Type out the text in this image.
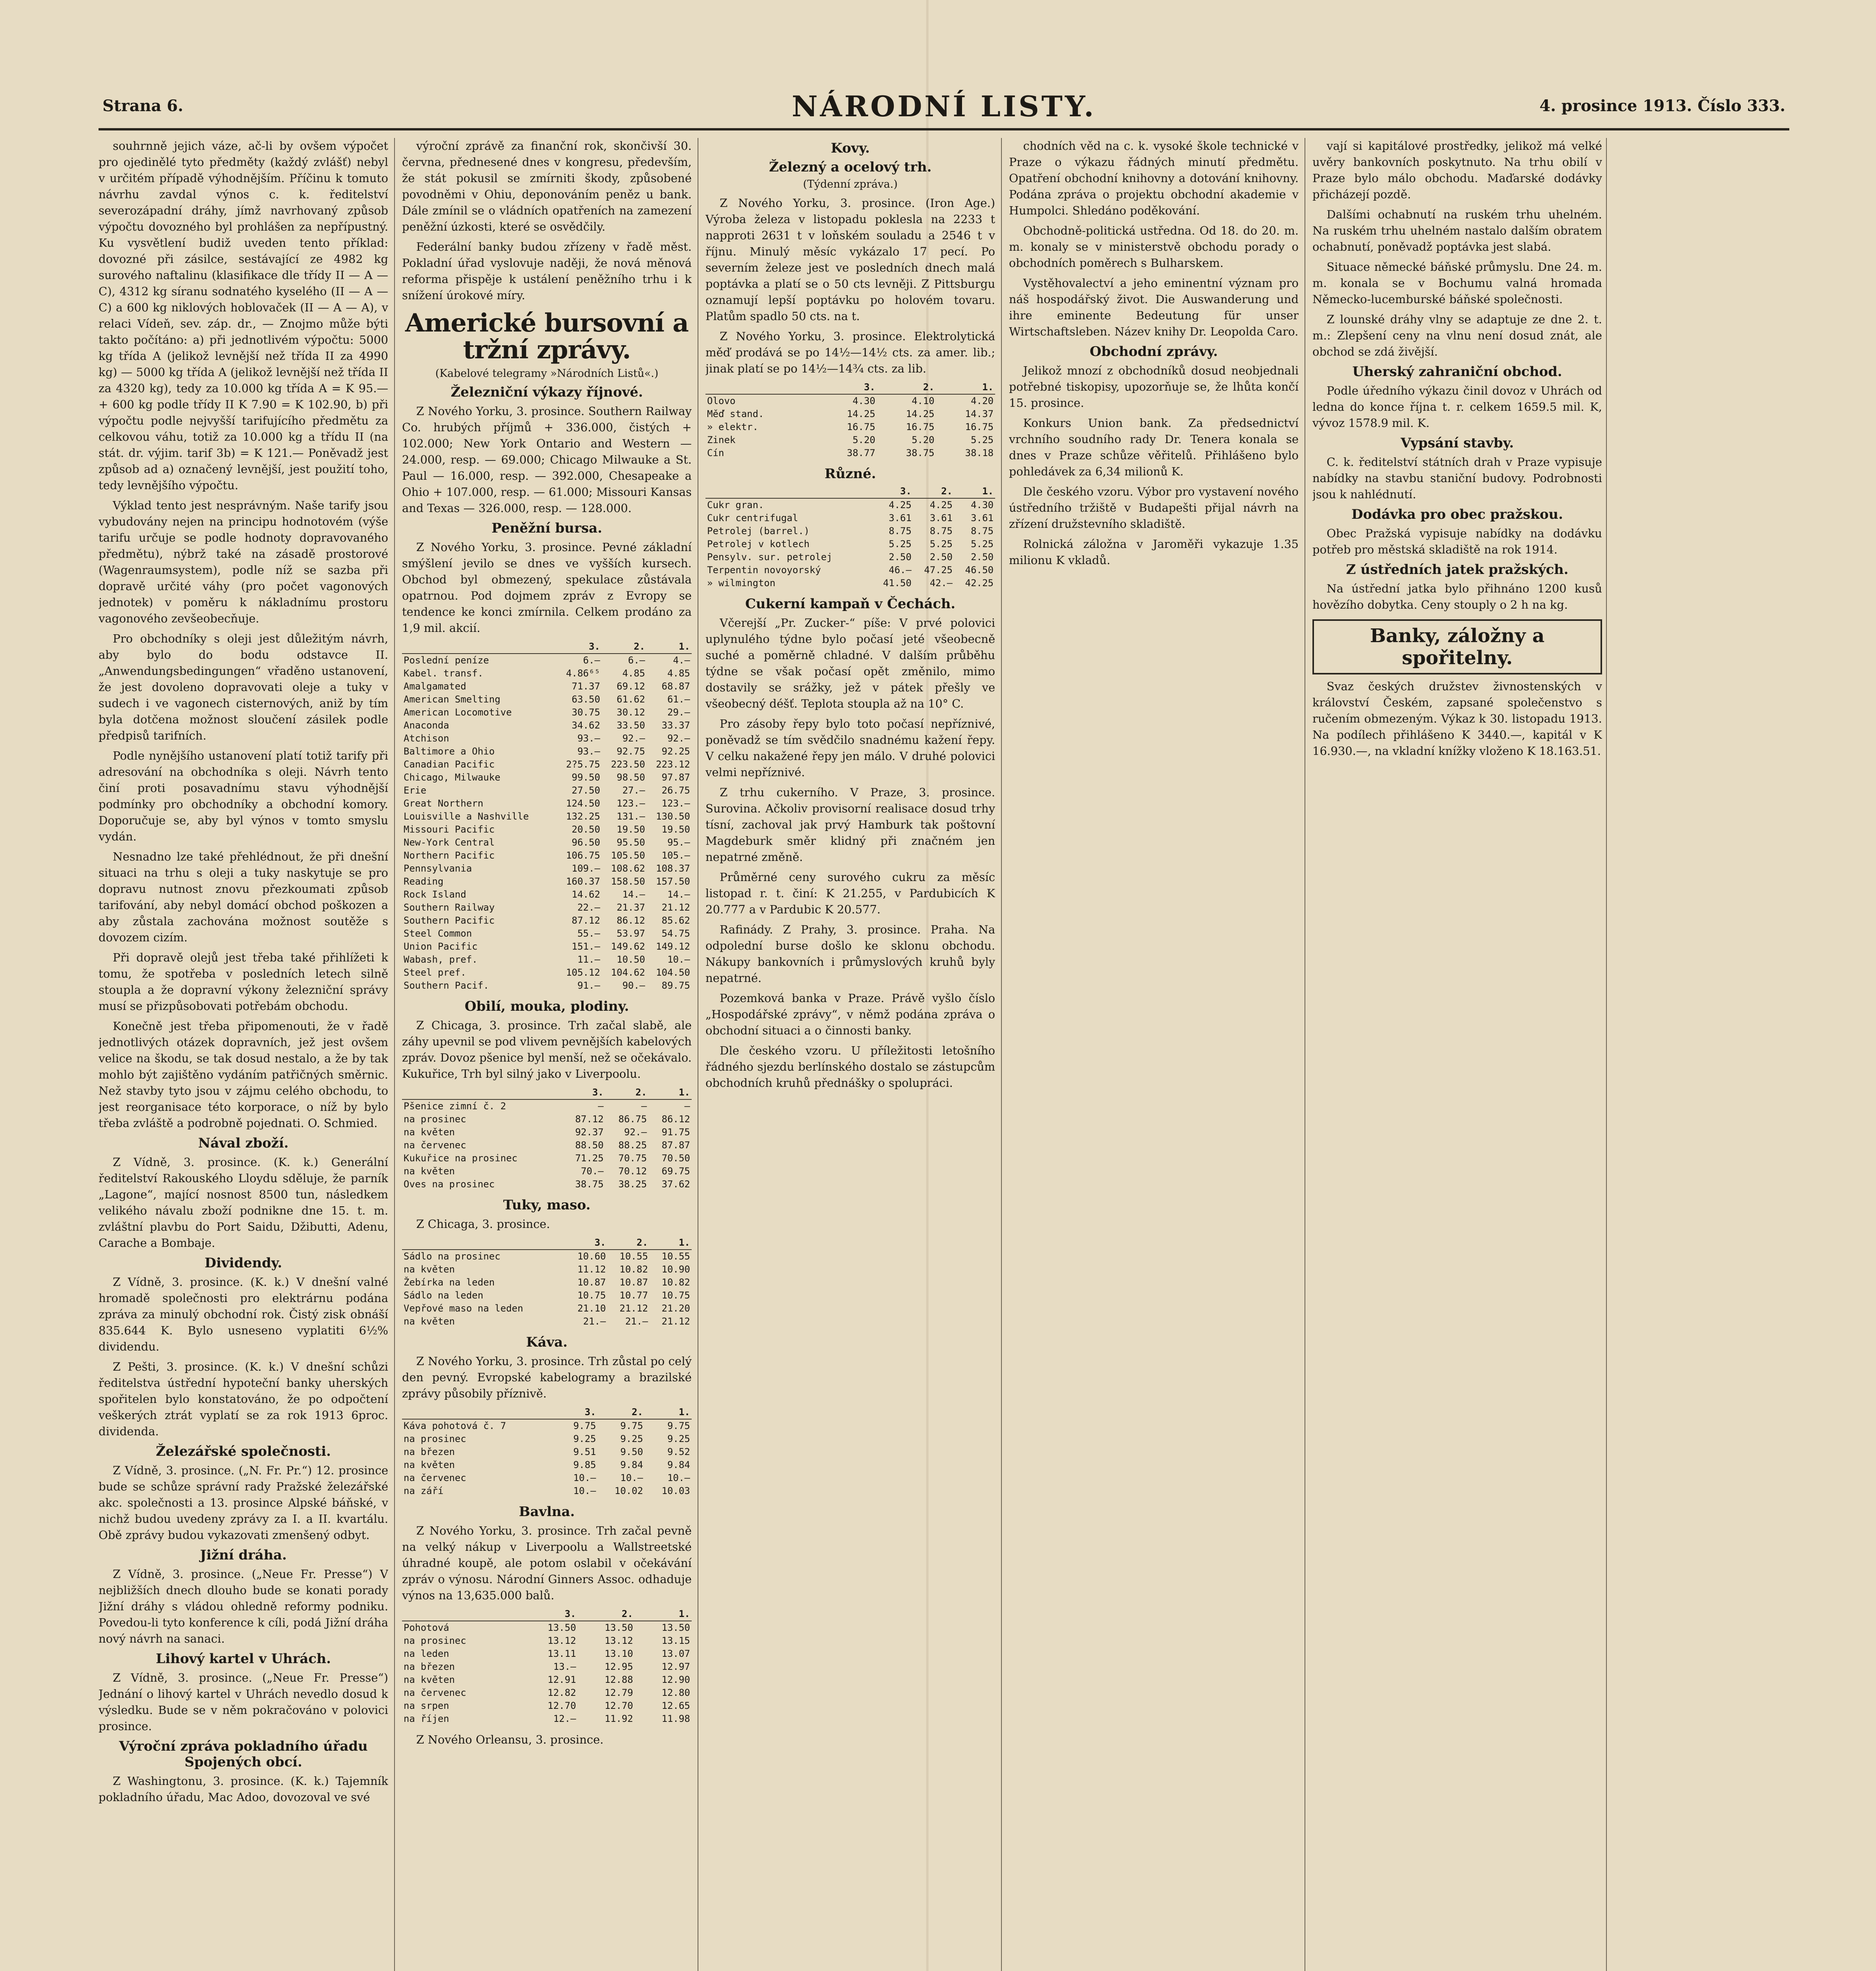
Strana 6.	NÁRODNÍ LISTY.	4. prosince 1913. Číslo 333.

souhrnně jejich váze, ač-li by ovšem výpočet pro ojedinělé tyto předměty (každý zvlášť) nebyl v určitém případě výhodnějším. Příčinu k tomuto návrhu zavdal výnos c. k. ředitelství severozápadní dráhy, jímž navrhovaný způsob výpočtu dovozného byl prohlášen za nepřípustný. Ku vysvětlení budiž uveden tento příklad: dovozné při zásilce, sestávající ze 4982 kg surového naftalinu (klasifikace dle třídy II — A — C), 4312 kg síranu sodnatého kyselého (II — A — C) a 600 kg niklových hoblovaček (II — A — A), v relaci Vídeň, sev. záp. dr., — Znojmo může býti takto počítáno: a) při jednotlivém výpočtu: 5000 kg třída A (jelikož levnější než třída II za 4990 kg) — 5000 kg třída A (jelikož levnější než třída II za 4320 kg), tedy za 10.000 kg třída A = K 95.— + 600 kg podle třídy II K 7.90 = K 102.90, b) při výpočtu podle nejvyšší tarifujícího předmětu za celkovou váhu, totiž za 10.000 kg a třídu II (na stát. dr. výjim. tarif 3b) = K 121.— Poněvadž jest způsob ad a) označený levnější, jest použití toho, tedy levnějšího výpočtu.

Výklad tento jest nesprávným. Naše tarify jsou vybudovány nejen na principu hodnotovém (výše tarifu určuje se podle hodnoty dopravovaného předmětu), nýbrž také na zásadě prostorové (Wagenraumsystem), podle níž se sazba při dopravě určité váhy (pro počet vagonových jednotek) v poměru k nákladnímu prostoru vagonového zevšeobecňuje.

Pro obchodníky s oleji jest důležitým návrh, aby bylo do bodu odstavce II. „Anwendungsbedingungen“ vřaděno ustanovení, že jest dovoleno dopravovati oleje a tuky v sudech i ve vagonech cisternových, aniž by tím byla dotčena možnost sloučení zásilek podle předpisů tarifních.

Podle nynějšího ustanovení platí totiž tarify při adresování na obchodníka s oleji. Návrh tento činí proti posavadnímu stavu výhodnější podmínky pro obchodníky a obchodní komory. Doporučuje se, aby byl výnos v tomto smyslu vydán.

Nesnadno lze také přehlédnout, že při dnešní situaci na trhu s oleji a tuky naskytuje se pro dopravu nutnost znovu přezkoumati způsob tarifování, aby nebyl domácí obchod poškozen a aby zůstala zachována možnost soutěže s dovozem cizím.

Při dopravě olejů jest třeba také přihlížeti k tomu, že spotřeba v posledních letech silně stoupla a že dopravní výkony železniční správy musí se přizpůsobovati potřebám obchodu.

Konečně jest třeba připomenouti, že v řadě jednotlivých otázek dopravních, jež jest ovšem velice na škodu, se tak dosud nestalo, a že by tak mohlo být zajištěno vydáním patřičných směrnic. Než stavby tyto jsou v zájmu celého obchodu, to jest reorganisace této korporace, o níž by bylo třeba zvláště a podrobně pojednati. O. Schmied.

Nával zboží.

Z Vídně, 3. prosince. (K. k.) Generální ředitelství Rakouského Lloydu sděluje, že parník „Lagone“, mající nosnost 8500 tun, následkem velikého návalu zboží podnikne dne 15. t. m. zvláštní plavbu do Port Saidu, Džibutti, Adenu, Carache a Bombaje.

Dividendy.

Z Vídně, 3. prosince. (K. k.) V dnešní valné hromadě společnosti pro elektrárnu podána zpráva za minulý obchodní rok. Čistý zisk obnáší 835.644 K. Bylo usneseno vyplatiti 6½% dividendu.

Z Pešti, 3. prosince. (K. k.) V dnešní schůzi ředitelstva ústřední hypoteční banky uherských spořitelen bylo konstatováno, že po odpočtení veškerých ztrát vyplatí se za rok 1913 6proc. dividenda.

Železářské společnosti.

Z Vídně, 3. prosince. („N. Fr. Pr.“) 12. prosince bude se schůze správní rady Pražské železářské akc. společnosti a 13. prosince Alpské báňské, v nichž budou uvedeny zprávy za I. a II. kvartálu. Obě zprávy budou vykazovati zmenšený odbyt.

Jižní dráha.

Z Vídně, 3. prosince. („Neue Fr. Presse“) V nejbližších dnech dlouho bude se konati porady Jižní dráhy s vládou ohledně reformy podniku. Povedou-li tyto konference k cíli, podá Jižní dráha nový návrh na sanaci.

Lihový kartel v Uhrách.

Z Vídně, 3. prosince. („Neue Fr. Presse“) Jednání o lihový kartel v Uhrách nevedlo dosud k výsledku. Bude se v něm pokračováno v polovici prosince.

Výroční zpráva pokladního úřadu Spojených obcí.

Z Washingtonu, 3. prosince. (K. k.) Tajemník pokladního úřadu, Mac Adoo, dovozoval ve své

výroční zprávě za finanční rok, skončivší 30. června, přednesené dnes v kongresu, především, že stát pokusil se zmírniti škody, způsobené povodněmi v Ohiu, deponováním peněz u bank. Dále zmínil se o vládních opatřeních na zamezení peněžní úzkosti, které se osvědčily.

Federální banky budou zřízeny v řadě měst. Pokladní úřad vyslovuje naději, že nová měnová reforma přispěje k ustálení peněžního trhu i k snížení úrokové míry.

Americké bursovní a tržní zprávy.
(Kabelové telegramy »Národních Listů«.)
Železniční výkazy říjnové.

Z Nového Yorku, 3. prosince. Southern Railway Co. hrubých příjmů + 336.000, čistých + 102.000; New York Ontario and Western — 24.000, resp. — 69.000; Chicago Milwauke a St. Paul — 16.000, resp. — 392.000, Chesapeake a Ohio + 107.000, resp. — 61.000; Missouri Kansas and Texas — 326.000, resp. — 128.000.

Peněžní bursa.

Z Nového Yorku, 3. prosince. Pevné základní smýšlení jevilo se dnes ve vyšších kursech. Obchod byl obmezený, spekulace zůstávala opatrnou. Pod dojmem zpráv z Evropy se tendence ke konci zmírnila. Celkem prodáno za 1,9 mil. akcií.

	3.	2.	1.
Poslední peníze	6.—	6.—	4.—
Kabel. transf.	4.86⁶⁵	4.85	4.85
Amalgamated	71.37	69.12	68.87
American Smelting	63.50	61.62	61.—
American Locomotive	30.75	30.12	29.—
Anaconda	34.62	33.50	33.37
Atchison	93.—	92.—	92.—
Baltimore a Ohio	93.—	92.75	92.25
Canadian Pacific	2?5.75	223.50	223.12
Chicago, Milwauke	99.50	98.50	97.87
Erie	27.50	27.—	26.75
Great Northern	124.50	123.—	123.—
Louisville a Nashville	132.25	131.—	130.50
Missouri Pacific	20.50	19.50	19.50
New-York Central	96.50	95.50	95.—
Northern Pacific	106.75	105.50	105.—
Pennsylvania	109.—	108.62	108.37
Reading	160.37	158.50	157.50
Rock Island	14.62	14.—	14.—
Southern Railway	22.—	21.37	21.12
Southern Pacific	87.12	86.12	85.62
Steel Common	55.—	53.97	54.75
Union Pacific	151.—	149.62	149.12
Wabash, pref.	11.—	10.50	10.—
Steel pref.	105.12	104.62	104.50
Southern Pacif.	91.—	90.—	89.75
Obilí, mouka, plodiny.

Z Chicaga, 3. prosince. Trh začal slabě, ale záhy upevnil se pod vlivem pevnějších kabelových zpráv. Dovoz pšenice byl menší, než se očekávalo. Kukuřice, Trh byl silný jako v Liverpoolu.

	3.	2.	1.
Pšenice zimní č. 2	—	—	—
na prosinec	87.12	86.75	86.12
na květen	92.37	92.—	91.75
na červenec	88.50	88.25	87.87
Kukuřice na prosinec	71.25	70.75	70.50
na květen	70.—	70.12	69.75
Oves na prosinec	38.75	38.25	37.62
Tuky, maso.

Z Chicaga, 3. prosince.

	3.	2.	1.
Sádlo na prosinec	10.60	10.55	10.55
na květen	11.12	10.82	10.90
Žebírka na leden	10.87	10.87	10.82
Sádlo na leden	10.75	10.77	10.75
Vepřové maso na leden	21.10	21.12	21.20
na květen	21.—	21.—	21.12
Káva.

Z Nového Yorku, 3. prosince. Trh zůstal po celý den pevný. Evropské kabelogramy a brazilské zprávy působily příznivě.

	3.	2.	1.
Káva pohotová č. 7	9.75	9.75	9.75
na prosinec	9.25	9.25	9.25
na březen	9.51	9.50	9.52
na květen	9.85	9.84	9.84
na červenec	10.—	10.—	10.—
na září	10.—	10.02	10.03
Bavlna.

Z Nového Yorku, 3. prosince. Trh začal pevně na velký nákup v Liverpoolu a Wallstreetské úhradné koupě, ale potom oslabil v očekávání zpráv o výnosu. Národní Ginners Assoc. odhaduje výnos na 13,635.000 balů.

	3.	2.	1.
Pohotová	13.50	13.50	13.50
na prosinec	13.12	13.12	13.15
na leden	13.11	13.10	13.07
na březen	13.—	12.95	12.97
na květen	12.91	12.88	12.90
na červenec	12.82	12.79	12.80
na srpen	12.70	12.70	12.65
na říjen	12.—	11.92	11.98

Z Nového Orleansu, 3. prosince.

Kovy.
Železný a ocelový trh.
(Týdenní zpráva.)

Z Nového Yorku, 3. prosince. (Iron Age.) Výroba železa v listopadu poklesla na 2233 t napproti 2631 t v loňském souladu a 2546 t v říjnu. Minulý měsíc vykázalo 17 pecí. Po severním železe jest ve posledních dnech malá poptávka a platí se o 50 cts levněji. Z Pittsburgu oznamují lepší poptávku po holovém tovaru. Platům spadlo 50 cts. na t.

Z Nového Yorku, 3. prosince. Elektrolytická měď prodává se po 14½—14½ cts. za amer. lib.; jinak platí se po 14½—14¾ cts. za lib.

	3.	2.	1.
Olovo	4.30	4.10	4.20
Měď stand.	14.25	14.25	14.37
» elektr.	16.75	16.75	16.75
Zinek	5.20	5.20	5.25
Cín	38.77	38.75	38.18
Různé.
	3.	2.	1.
Cukr gran.	4.25	4.25	4.30
Cukr centrifugal	3.61	3.61	3.61
Petrolej (barrel.)	8.75	8.75	8.75
Petrolej v kotlech	5.25	5.25	5.25
Pensylv. sur. petrolej	2.50	2.50	2.50
Terpentin novoyorský	46.—	47.25	46.50
» wilmington	41.50	42.—	42.25
Cukerní kampaň v Čechách.

Včerejší „Pr. Zucker-“ píše: V prvé polovici uplynulého týdne bylo počasí jeté všeobecně suché a poměrně chladné. V dalším průběhu týdne se však počasí opět změnilo, mimo dostavily se srážky, jež v pátek přešly ve všeobecný déšť. Teplota stoupla až na 10° C.

Pro zásoby řepy bylo toto počasí nepříznivé, poněvadž se tím svědčilo snadnému kažení řepy. V celku nakažené řepy jen málo. V druhé polovici velmi nepříznivé.

Z trhu cukerního. V Praze, 3. prosince. Surovina. Ačkoliv provisorní realisace dosud trhy tísní, zachoval jak prvý Hamburk tak poštovní Magdeburk směr klidný při značném jen nepatrné změně.

Průměrné ceny surového cukru za měsíc listopad r. t. činí: K 21.255, v Pardubicích K 20.777 a v Pardubic K 20.577.

Rafinády. Z Prahy, 3. prosince. Praha. Na odpolední burse došlo ke sklonu obchodu. Nákupy bankovních i průmyslových kruhů byly nepatrné.

Pozemková banka v Praze. Právě vyšlo číslo „Hospodářské zprávy“, v němž podána zpráva o obchodní situaci a o činnosti banky.

Dle českého vzoru. U příležitosti letošního řádného sjezdu berlínského dostalo se zástupcům obchodních kruhů přednášky o spolupráci.

chodních věd na c. k. vysoké škole technické v Praze o výkazu řádných minutí předmětu. Opatření obchodní knihovny a dotování knihovny. Podána zpráva o projektu obchodní akademie v Humpolci. Shledáno poděkování.

Obchodně-politická ustředna. Od 18. do 20. m. m. konaly se v ministerstvě obchodu porady o obchodních poměrech s Bulharskem.

Vystěhovalectví a jeho eminentní význam pro náš hospodářský život. Die Auswanderung und ihre eminente Bedeutung für unser Wirtschaftsleben. Název knihy Dr. Leopolda Caro.

Obchodní zprávy.

Jelikož mnozí z obchodníků dosud neobjednali potřebné tiskopisy, upozorňuje se, že lhůta končí 15. prosince.

Konkurs Union bank. Za předsednictví vrchního soudního rady Dr. Tenera konala se dnes v Praze schůze věřitelů. Přihlášeno bylo pohledávek za 6,34 milionů K.

Dle českého vzoru. Výbor pro vystavení nového ústředního tržiště v Budapešti přijal návrh na zřízení družstevního skladiště.

Rolnická záložna v Jaroměři vykazuje 1.35 milionu K vkladů.

vají si kapitálové prostředky, jelikož má velké uvěry bankovních poskytnuto. Na trhu obilí v Praze bylo málo obchodu. Maďarské dodávky přicházejí pozdě.

Dalšími ochabnutí na ruském trhu uhelném. Na ruském trhu uhelném nastalo dalším obratem ochabnutí, poněvadž poptávka jest slabá.

Situace německé báňské průmyslu. Dne 24. m. m. konala se v Bochumu valná hromada Německo-lucemburské báňské společnosti.

Z lounské dráhy vlny se adaptuje ze dne 2. t. m.: Zlepšení ceny na vlnu není dosud znát, ale obchod se zdá živější.

Uherský zahraniční obchod.

Podle úředního výkazu činil dovoz v Uhrách od ledna do konce října t. r. celkem 1659.5 mil. K, vývoz 1578.9 mil. K.

Vypsání stavby.

C. k. ředitelství státních drah v Praze vypisuje nabídky na stavbu staniční budovy. Podrobnosti jsou k nahlédnutí.

Dodávka pro obec pražskou.

Obec Pražská vypisuje nabídky na dodávku potřeb pro městská skladiště na rok 1914.

Z ústředních jatek pražských.

Na ústřední jatka bylo přihnáno 1200 kusů hovězího dobytka. Ceny stouply o 2 h na kg.

Banky, záložny a spořitelny.

Svaz českých družstev živnostenských v království Českém, zapsané společenstvo s ručením obmezeným. Výkaz k 30. listopadu 1913. Na podílech přihlášeno K 3440.—, kapitál v K 16.930.—, na vkladní knížky vloženo K 18.163.51.
